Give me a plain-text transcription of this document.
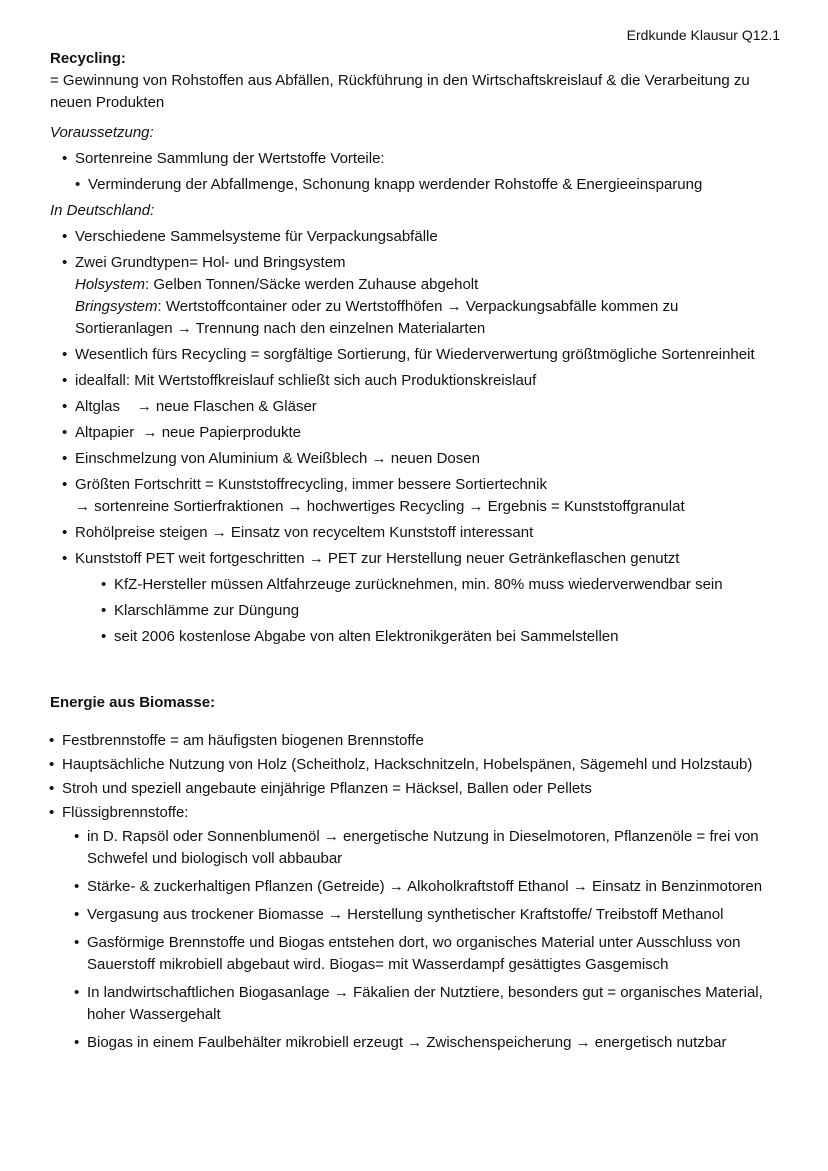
Erdkunde Klausur Q12.1
Recycling:
= Gewinnung von Rohstoffen aus Abfällen, Rückführung in den Wirtschaftskreislauf & die Verarbeitung zu neuen Produkten
Voraussetzung:
• Sortenreine Sammlung der Wertstoffe Vorteile:
• Verminderung der Abfallmenge, Schonung knapp werdender Rohstoffe & Energieeinsparung
In Deutschland:
• Verschiedene Sammelsysteme für Verpackungsabfälle
• Zwei Grundtypen= Hol- und Bringsystem
Holsystem: Gelben Tonnen/Säcke werden Zuhause abgeholt
Bringsystem: Wertstoffcontainer oder zu Wertstoffhöfen → Verpackungsabfälle kommen zu Sortieranlagen → Trennung nach den einzelnen Materialarten
• Wesentlich fürs Recycling = sorgfältige Sortierung, für Wiederverwertung größtmögliche Sortenreinheit
• idealfall: Mit Wertstoffkreislauf schließt sich auch Produktionskreislauf
• Altglas    → neue Flaschen & Gläser
• Altpapier  → neue Papierprodukte
• Einschmelzung von Aluminium & Weißblech → neuen Dosen
• Größten Fortschritt = Kunststoffrecycling, immer bessere Sortiertechnik
→ sortenreine Sortierfraktionen → hochwertiges Recycling → Ergebnis = Kunststoffgranulat
• Rohölpreise steigen → Einsatz von recyceltem Kunststoff interessant
• Kunststoff PET weit fortgeschritten → PET zur Herstellung neuer Getränkeflaschen genutzt
• KfZ-Hersteller müssen Altfahrzeuge zurücknehmen, min. 80% muss wiederverwendbar sein
• Klarschlämme zur Düngung
• seit 2006 kostenlose Abgabe von alten Elektronikgeräten bei Sammelstellen
Energie aus Biomasse:
• Festbrennstoffe = am häufigsten biogenen Brennstoffe
• Hauptsächliche Nutzung von Holz (Scheitholz, Hackschnitzeln, Hobelspänen, Sägemehl und Holzstaub)
• Stroh und speziell angebaute einjährige Pflanzen = Häcksel, Ballen oder Pellets
• Flüssigbrennstoffe:
• in D. Rapsöl oder Sonnenblumenöl → energetische Nutzung in Dieselmotoren, Pflanzenöle = frei von Schwefel und biologisch voll abbaubar
• Stärke- & zuckerhaltigen Pflanzen (Getreide) → Alkoholkraftstoff Ethanol → Einsatz in Benzinmotoren
• Vergasung aus trockener Biomasse → Herstellung synthetischer Kraftstoffe/ Treibstoff Methanol
• Gasförmige Brennstoffe und Biogas entstehen dort, wo organisches Material unter Ausschluss von Sauerstoff mikrobiell abgebaut wird. Biogas= mit Wasserdampf gesättigtes Gasgemisch
• In landwirtschaftlichen Biogasanlage → Fäkalien der Nutztiere, besonders gut = organisches Material, hoher Wassergehalt
• Biogas in einem Faulbehälter mikrobiell erzeugt → Zwischenspeicherung → energetisch nutzbar
